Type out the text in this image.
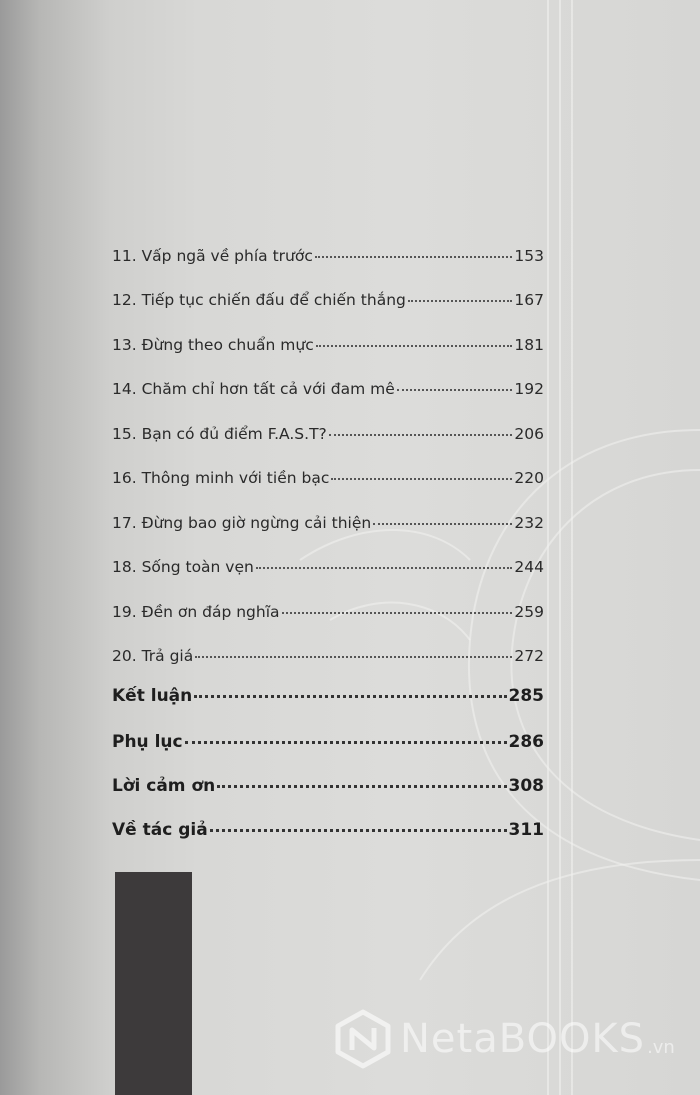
11. Vấp ngã về phía trước	153
12. Tiếp tục chiến đấu để chiến thắng	167
13. Đừng theo chuẩn mực	181
14. Chăm chỉ hơn tất cả với đam mê	192
15. Bạn có đủ điểm F.A.S.T?	206
16. Thông minh với tiền bạc	220
17. Đừng bao giờ ngừng cải thiện	232
18. Sống toàn vẹn	244
19. Đền ơn đáp nghĩa	259
20. Trả giá	272
Kết luận	285
Phụ lục	286
Lời cảm ơn	308
Về tác giả	311
NetaBOOKS .vn
